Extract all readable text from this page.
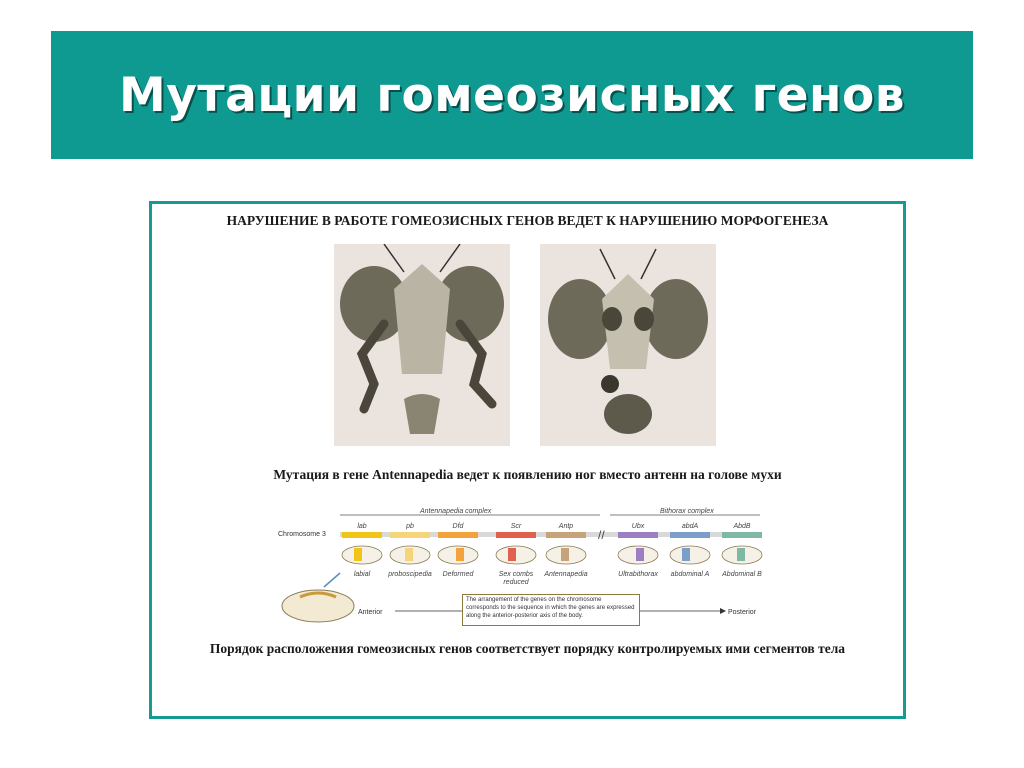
Мутации гомеозисных генов
НАРУШЕНИЕ В РАБОТЕ ГОМЕОЗИСНЫХ ГЕНОВ ВЕДЕТ К НАРУШЕНИЮ МОРФОГЕНЕЗА
Мутация в гене Antennapedia ведет к появлению ног вместо антенн на голове мухи
Antennapedia complex	Bithorax complex
Chromosome 3
lab
labial
pb
proboscipedia
Dfd
Deformed
Scr
Sex combs reduced
Antp
Antennapedia
Ubx
Ultrabithorax
abdA
abdominal A
AbdB
Abdominal B
//
Anterior	Posterior
The arrangement of the genes on the chromosome corresponds to the sequence in which the genes are expressed along the anterior-posterior axis of the body.
Порядок расположения гомеозисных генов соответствует порядку контролируемых ими сегментов тела
